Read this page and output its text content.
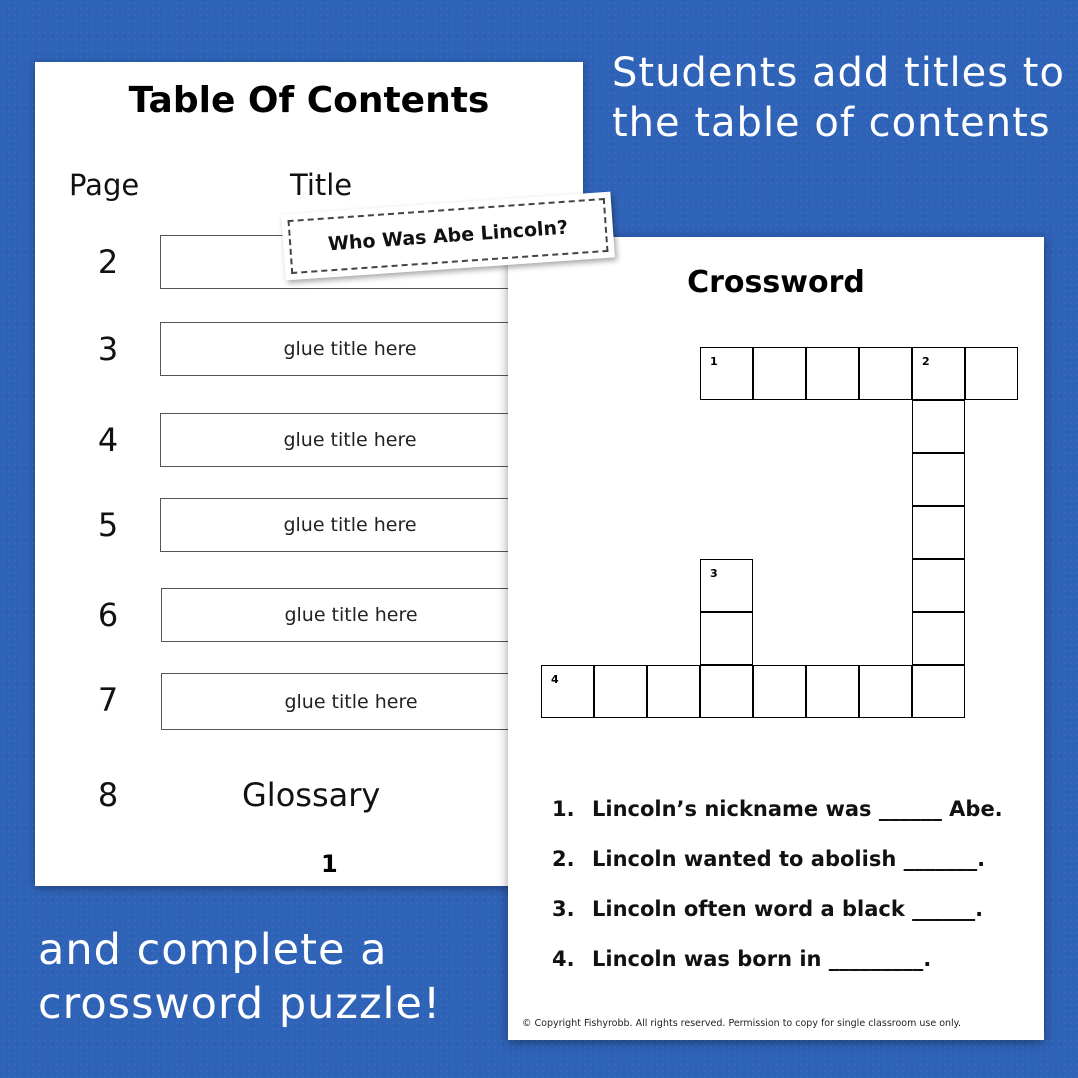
Students add titles to the table of contents
and complete a crossword puzzle!
Table Of Contents
Page	Title
2
3	glue title here
4	glue title here
5	glue title here
6	glue title here
7	glue title here
8	Glossary
1
Crossword
1	2
3
4
1. Lincoln’s nickname was ______ Abe.
2. Lincoln wanted to abolish _______.
3. Lincoln often word a black ______.
4. Lincoln was born in _________.
© Copyright Fishyrobb. All rights reserved. Permission to copy for single classroom use only.
Who Was Abe Lincoln?
